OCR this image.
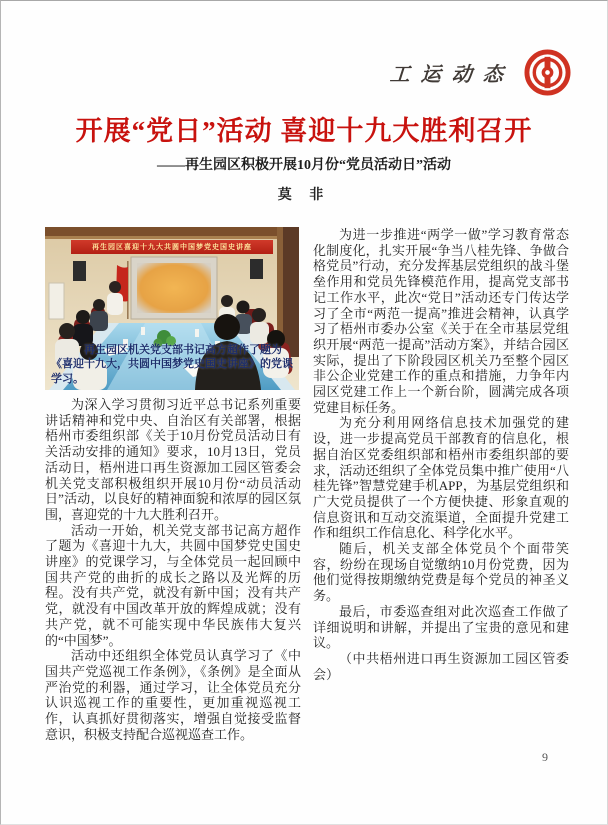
工运动态
开展“党日”活动 喜迎十九大胜利召开
——再生园区积极开展10月份“党员活动日”活动
莫 非
再生园区喜迎十九大共圆中国梦党史国史讲座
再生园区机关党支部书记高方超作了题为《喜迎十九大，共圆中国梦党史国史讲座》的党课学习。

为深入学习贯彻习近平总书记系列重要讲话精神和党中央、自治区有关部署，根据梧州市委组织部《关于10月份党员活动日有关活动安排的通知》要求，10月13日，党员活动日，梧州进口再生资源加工园区管委会机关党支部积极组织开展10月份“动员活动日”活动，以良好的精神面貌和浓厚的园区氛围，喜迎党的十九大胜利召开。

活动一开始，机关党支部书记高方超作了题为《喜迎十九大，共圆中国梦党史国史讲座》的党课学习，与全体党员一起回顾中国共产党的曲折的成长之路以及光辉的历程。没有共产党，就没有新中国；没有共产党，就没有中国改革开放的辉煌成就；没有共产党，就不可能实现中华民族伟大复兴的“中国梦”。

活动中还组织全体党员认真学习了《中国共产党巡视工作条例》，《条例》是全面从严治党的利器，通过学习，让全体党员充分认识巡视工作的重要性，更加重视巡视工作，认真抓好贯彻落实，增强自觉接受监督意识，积极支持配合巡视巡查工作。

为进一步推进“两学一做”学习教育常态化制度化，扎实开展“争当八桂先锋、争做合格党员”行动，充分发挥基层党组织的战斗堡垒作用和党员先锋模范作用，提高党支部书记工作水平，此次“党日”活动还专门传达学习了全市“两范一提高”推进会精神，认真学习了梧州市委办公室《关于在全市基层党组织开展“两范一提高”活动方案》，并结合园区实际，提出了下阶段园区机关乃至整个园区非公企业党建工作的重点和措施，力争年内园区党建工作上一个新台阶，圆满完成各项党建目标任务。

为充分利用网络信息技术加强党的建设，进一步提高党员干部教育的信息化，根据自治区党委组织部和梧州市委组织部的要求，活动还组织了全体党员集中推广使用“八桂先锋”智慧党建手机APP，为基层党组织和广大党员提供了一个方便快捷、形象直观的信息资讯和互动交流渠道，全面提升党建工作和组织工作信息化、科学化水平。

随后，机关支部全体党员个个面带笑容，纷纷在现场自觉缴纳10月份党费，因为他们觉得按期缴纳党费是每个党员的神圣义务。

最后，市委巡查组对此次巡查工作做了详细说明和讲解，并提出了宝贵的意见和建议。

（中共梧州进口再生资源加工园区管委会）

9
